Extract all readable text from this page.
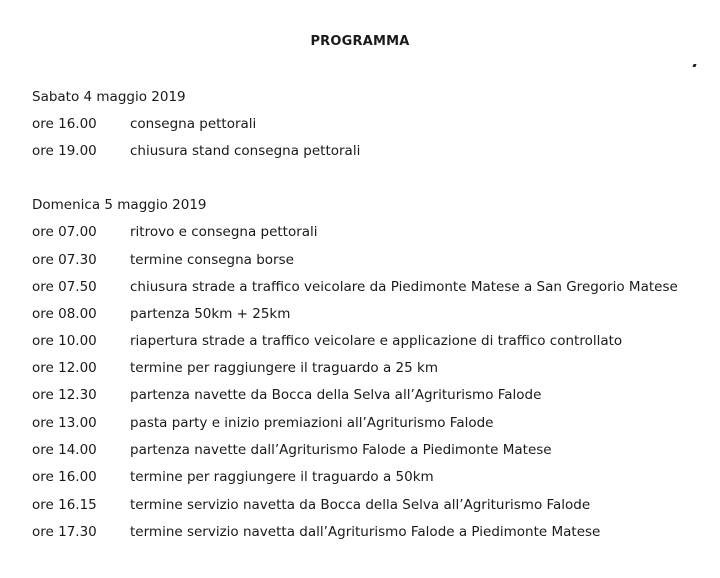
PROGRAMMA
Sabato 4 maggio 2019
ore 16.00 consegna pettorali
ore 19.00 chiusura stand consegna pettorali
Domenica 5 maggio 2019
ore 07.00 ritrovo e consegna pettorali
ore 07.30 termine consegna borse
ore 07.50 chiusura strade a traffico veicolare da Piedimonte Matese a San Gregorio Matese
ore 08.00 partenza 50km + 25km
ore 10.00 riapertura strade a traffico veicolare e applicazione di traffico controllato
ore 12.00 termine per raggiungere il traguardo a 25 km
ore 12.30 partenza navette da Bocca della Selva all’Agriturismo Falode
ore 13.00 pasta party e inizio premiazioni all’Agriturismo Falode
ore 14.00 partenza navette dall’Agriturismo Falode a Piedimonte Matese
ore 16.00 termine per raggiungere il traguardo a 50km
ore 16.15 termine servizio navetta da Bocca della Selva all’Agriturismo Falode
ore 17.30 termine servizio navetta dall’Agriturismo Falode a Piedimonte Matese
